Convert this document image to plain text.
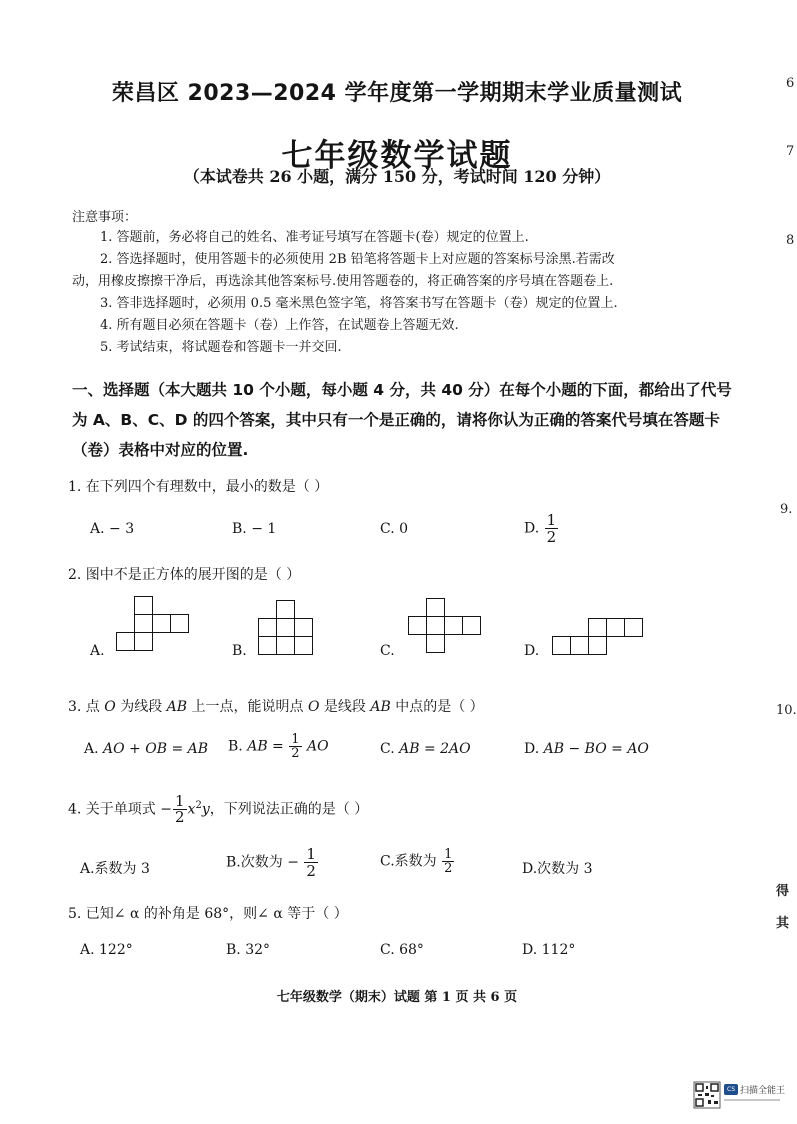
荣昌区 2023—2024 学年度第一学期期末学业质量测试
七年级数学试题
（本试卷共 26 小题，满分 150 分，考试时间 120 分钟）
注意事项：
1. 答题前，务必将自己的姓名、准考证号填写在答题卡(卷）规定的位置上.
2. 答选择题时，使用答题卡的必须使用 2B 铅笔将答题卡上对应题的答案标号涂黑.若需改
动，用橡皮擦擦干净后，再选涂其他答案标号.使用答题卷的，将正确答案的序号填在答题卷上.
3. 答非选择题时，必须用 0.5 毫米黑色签字笔，将答案书写在答题卡（卷）规定的位置上.
4. 所有题目必须在答题卡（卷）上作答，在试题卷上答题无效.
5. 考试结束，将试题卷和答题卡一并交回.
一、选择题（本大题共 10 个小题，每小题 4 分，共 40 分）在每个小题的下面，都给出了代号
为 A、B、C、D 的四个答案，其中只有一个是正确的，请将你认为正确的答案代号填在答题卡
（卷）表格中对应的位置.
1. 在下列四个有理数中，最小的数是（ ）
A. − 3	B. − 1	C. 0	D. $\frac{1}{2}$
2. 图中不是正方体的展开图的是（ ）
A.	B.	C.	D.
3. 点 O 为线段 AB 上一点，能说明点 O 是线段 AB 中点的是（ ）
A. AO + OB = AB B. AB = $\frac{1}{2}$ AO	C. AB = 2AO	D. AB − BO = AO
4. 关于单项式 − $\frac{1}{2} x^2y$，下列说法正确的是（ ）
A.系数为 3	B.次数为 − $\frac{1}{2}$	C.系数为 $\frac{1}{2}$	D.次数为 3
5. 已知∠ α 的补角是 68°，则∠ α 等于（ ）
A. 122°	B. 32°	C. 68°	D. 112°
七年级数学（期末）试题 第 1 页 共 6 页
6
7
8
9.
10.
得
其
CS 扫描全能王
